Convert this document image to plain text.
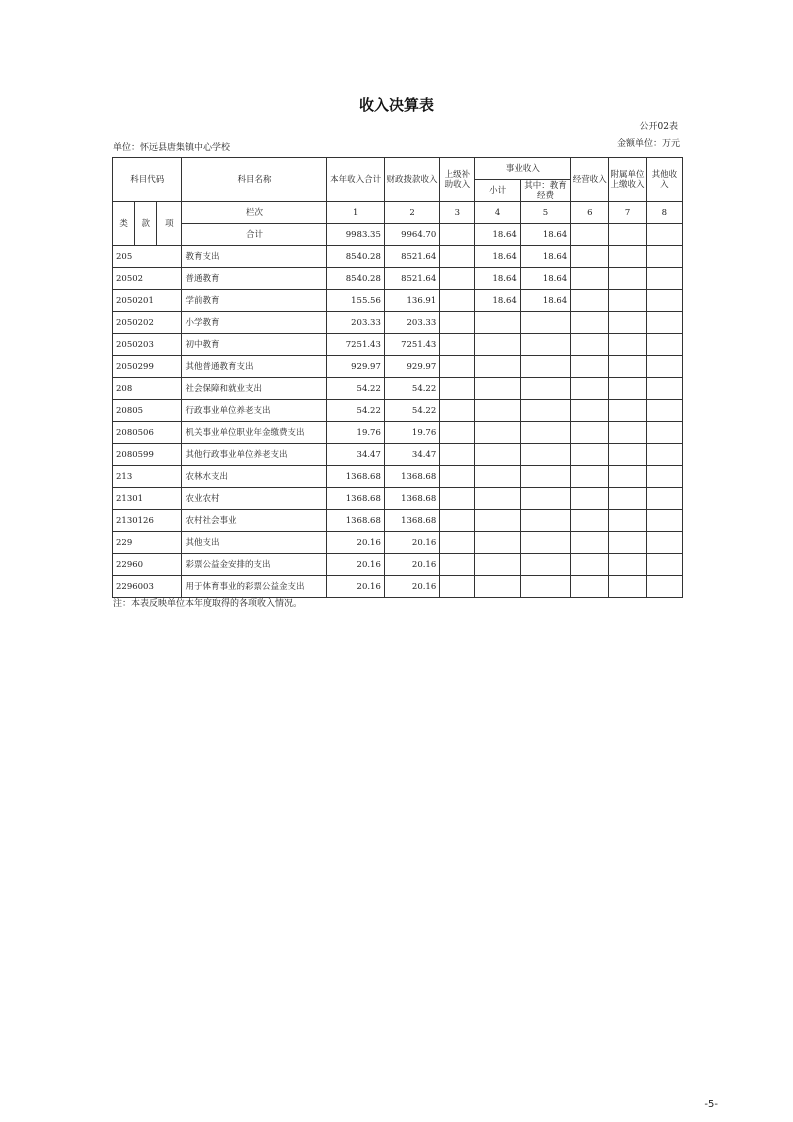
收入决算表
公开02表
金额单位：万元
单位：怀远县唐集镇中心学校
科目代码			科目名称	本年收入合计	财政拨款收入	上级补助收入	事业收入		经营收入	附属单位上缴收入	其他收入
							小计	其中：教育经费			
类	款	项	栏次	1	2	3	4	5	6	7	8
			合计	9983.35	9964.70		18.64	18.64			
205			教育支出	8540.28	8521.64		18.64	18.64			
20502			普通教育	8540.28	8521.64		18.64	18.64			
2050201			学前教育	155.56	136.91		18.64	18.64			
2050202			小学教育	203.33	203.33						
2050203			初中教育	7251.43	7251.43						
2050299			其他普通教育支出	929.97	929.97						
208			社会保障和就业支出	54.22	54.22						
20805			行政事业单位养老支出	54.22	54.22						
2080506			机关事业单位职业年金缴费支出	19.76	19.76						
2080599			其他行政事业单位养老支出	34.47	34.47						
213			农林水支出	1368.68	1368.68						
21301			农业农村	1368.68	1368.68						
2130126			农村社会事业	1368.68	1368.68						
229			其他支出	20.16	20.16						
22960			彩票公益金安排的支出	20.16	20.16						
2296003			用于体育事业的彩票公益金支出	20.16	20.16						
注：本表反映单位本年度取得的各项收入情况。
-5-
